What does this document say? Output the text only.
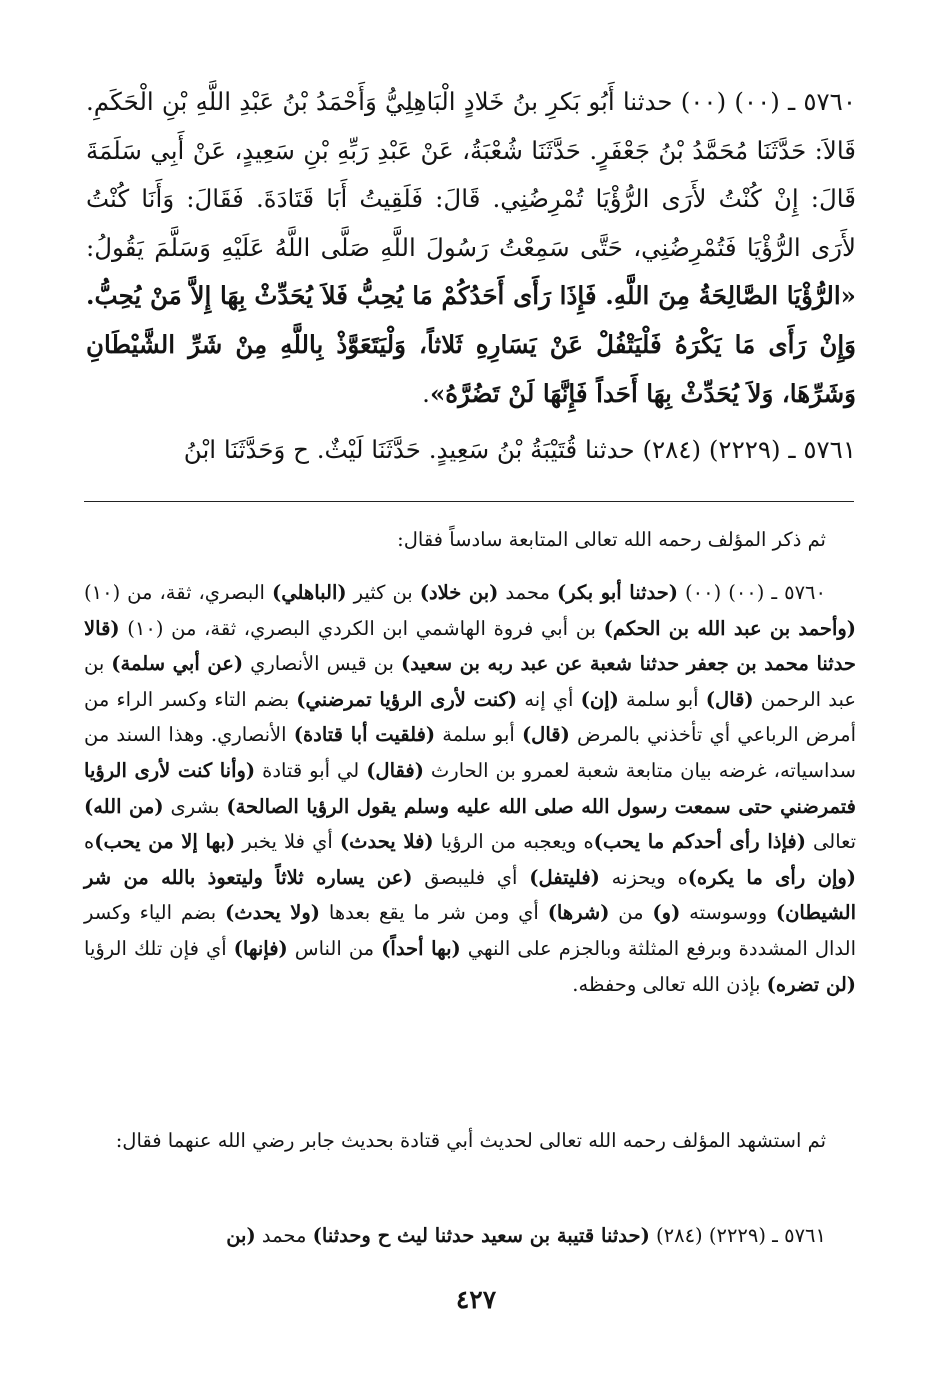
٥٧٦٠ ـ (٠٠) (٠٠) حدثنا أَبُو بَكرِ بنُ خَلادٍ الْبَاهِلِيُّ وَأَحْمَدُ بْنُ عَبْدِ اللَّهِ بْنِ الْحَكَمِ. قَالاَ: حَدَّثَنَا مُحَمَّدُ بْنُ جَعْفَرٍ. حَدَّثَنَا شُعْبَةُ، عَنْ عَبْدِ رَبِّهِ بْنِ سَعِيدٍ، عَنْ أَبِي سَلَمَةَ قَالَ: إِنْ كُنْتُ لأَرَى الرُّؤْيَا تُمْرِضُنِي. قَالَ: فَلَقِيتُ أَبَا قَتَادَةَ. فَقَالَ: وَأَنَا كُنْتُ لأَرَى الرُّؤْيَا فَتُمْرِضُنِي، حَتَّى سَمِعْتُ رَسُولَ اللَّهِ صَلَّى اللَّهُ عَلَيْهِ وَسَلَّمَ يَقُولُ: «الرُّؤْيَا الصَّالِحَةُ مِنَ اللَّهِ. فَإِذَا رَأَى أَحَدُكُمْ مَا يُحِبُّ فَلاَ يُحَدِّثْ بِهَا إِلاَّ مَنْ يُحِبُّ. وَإِنْ رَأَى مَا يَكْرَهُ فَلْيَتْفُلْ عَنْ يَسَارِهِ ثَلاثاً، وَلْيَتَعَوَّذْ بِاللَّهِ مِنْ شَرِّ الشَّيْطَانِ وَشَرِّهَا، وَلاَ يُحَدِّثْ بِهَا أَحَداً فَإِنَّهَا لَنْ تَضُرَّهُ».

٥٧٦١ ـ (٢٢٢٩) (٢٨٤) حدثنا قُتَيْبَةُ بْنُ سَعِيدٍ. حَدَّثَنَا لَيْثٌ. ح وَحَدَّثَنَا ابْنُ

ثم ذكر المؤلف رحمه الله تعالى المتابعة سادساً فقال:

٥٧٦٠ ـ (٠٠) (٠٠) (حدثنا أبو بكر) محمد (بن خلاد) بن كثير (الباهلي) البصري، ثقة، من (١٠) (وأحمد بن عبد الله بن الحكم) بن أبي فروة الهاشمي ابن الكردي البصري، ثقة، من (١٠) (قالا حدثنا محمد بن جعفر حدثنا شعبة عن عبد ربه بن سعيد) بن قيس الأنصاري (عن أبي سلمة) بن عبد الرحمن (قال) أبو سلمة (إن) أي إنه (كنت لأرى الرؤيا تمرضني) بضم التاء وكسر الراء من أمرض الرباعي أي تأخذني بالمرض (قال) أبو سلمة (فلقيت أبا قتادة) الأنصاري. وهذا السند من سداسياته، غرضه بيان متابعة شعبة لعمرو بن الحارث (فقال) لي أبو قتادة (وأنا كنت لأرى الرؤيا فتمرضني حتى سمعت رسول الله صلى الله عليه وسلم يقول الرؤيا الصالحة) بشرى (من الله) تعالى (فإذا رأى أحدكم ما يحب)ه ويعجبه من الرؤيا (فلا يحدث) أي فلا يخبر (بها إلا من يحب)ه (وإن رأى ما يكره)ه ويحزنه (فليتفل) أي فليبصق (عن يساره ثلاثاً وليتعوذ بالله من شر الشيطان) ووسوسته (و) من (شرها) أي ومن شر ما يقع بعدها (ولا يحدث) بضم الياء وكسر الدال المشددة وبرفع المثلثة وبالجزم على النهي (بها أحداً) من الناس (فإنها) أي فإن تلك الرؤيا (لن تضره) بإذن الله تعالى وحفظه.

ثم استشهد المؤلف رحمه الله تعالى لحديث أبي قتادة بحديث جابر رضي الله عنهما فقال:

٥٧٦١ ـ (٢٢٢٩) (٢٨٤) (حدثنا قتيبة بن سعيد حدثنا ليث ح وحدثنا) محمد (بن

٤٢٧
